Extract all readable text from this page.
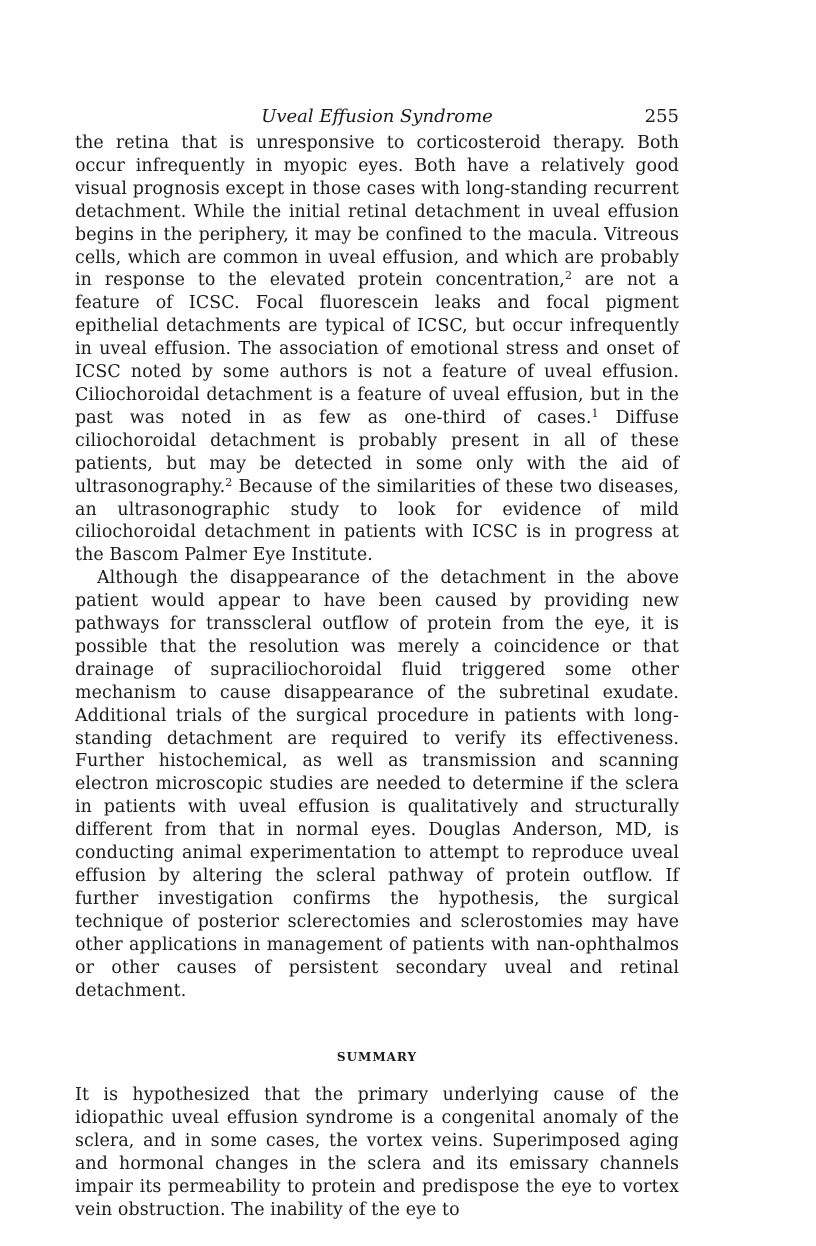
Uveal Effusion Syndrome	255

the retina that is unresponsive to corticosteroid therapy. Both occur infrequently in myopic eyes. Both have a relatively good visual prognosis except in those cases with long-standing recurrent detachment. While the initial retinal detachment in uveal effusion begins in the periphery, it may be confined to the macula. Vitreous cells, which are common in uveal effusion, and which are probably in response to the elevated protein concentration,$^2$ are not a feature of ICSC. Focal fluorescein leaks and focal pigment epithelial detachments are typical of ICSC, but occur infrequently in uveal effusion. The association of emotional stress and onset of ICSC noted by some authors is not a feature of uveal effusion. Ciliochoroidal detachment is a feature of uveal effusion, but in the past was noted in as few as one-third of cases.$^1$ Diffuse ciliochoroidal detachment is probably present in all of these patients, but may be detected in some only with the aid of ultrasonography.$^2$ Because of the similarities of these two diseases, an ultrasonographic study to look for evidence of mild ciliochoroidal detachment in patients with ICSC is in progress at the Bascom Palmer Eye Institute.

Although the disappearance of the detachment in the above patient would appear to have been caused by providing new pathways for transscleral outflow of protein from the eye, it is possible that the resolution was merely a coincidence or that drainage of supraciliochoroidal fluid triggered some other mechanism to cause disappearance of the subretinal exudate. Additional trials of the surgical procedure in patients with long-standing detachment are required to verify its effectiveness. Further histochemical, as well as transmission and scanning electron microscopic studies are needed to determine if the sclera in patients with uveal effusion is qualitatively and structurally different from that in normal eyes. Douglas Anderson, MD, is conducting animal experimentation to attempt to reproduce uveal effusion by altering the scleral pathway of protein outflow. If further investigation confirms the hypothesis, the surgical technique of posterior sclerectomies and sclerostomies may have other applications in management of patients with nan-ophthalmos or other causes of persistent secondary uveal and retinal detachment.

SUMMARY

It is hypothesized that the primary underlying cause of the idiopathic uveal effusion syndrome is a congenital anomaly of the sclera, and in some cases, the vortex veins. Superimposed aging and hormonal changes in the sclera and its emissary channels impair its permeability to protein and predispose the eye to vortex vein obstruction. The inability of the eye to
